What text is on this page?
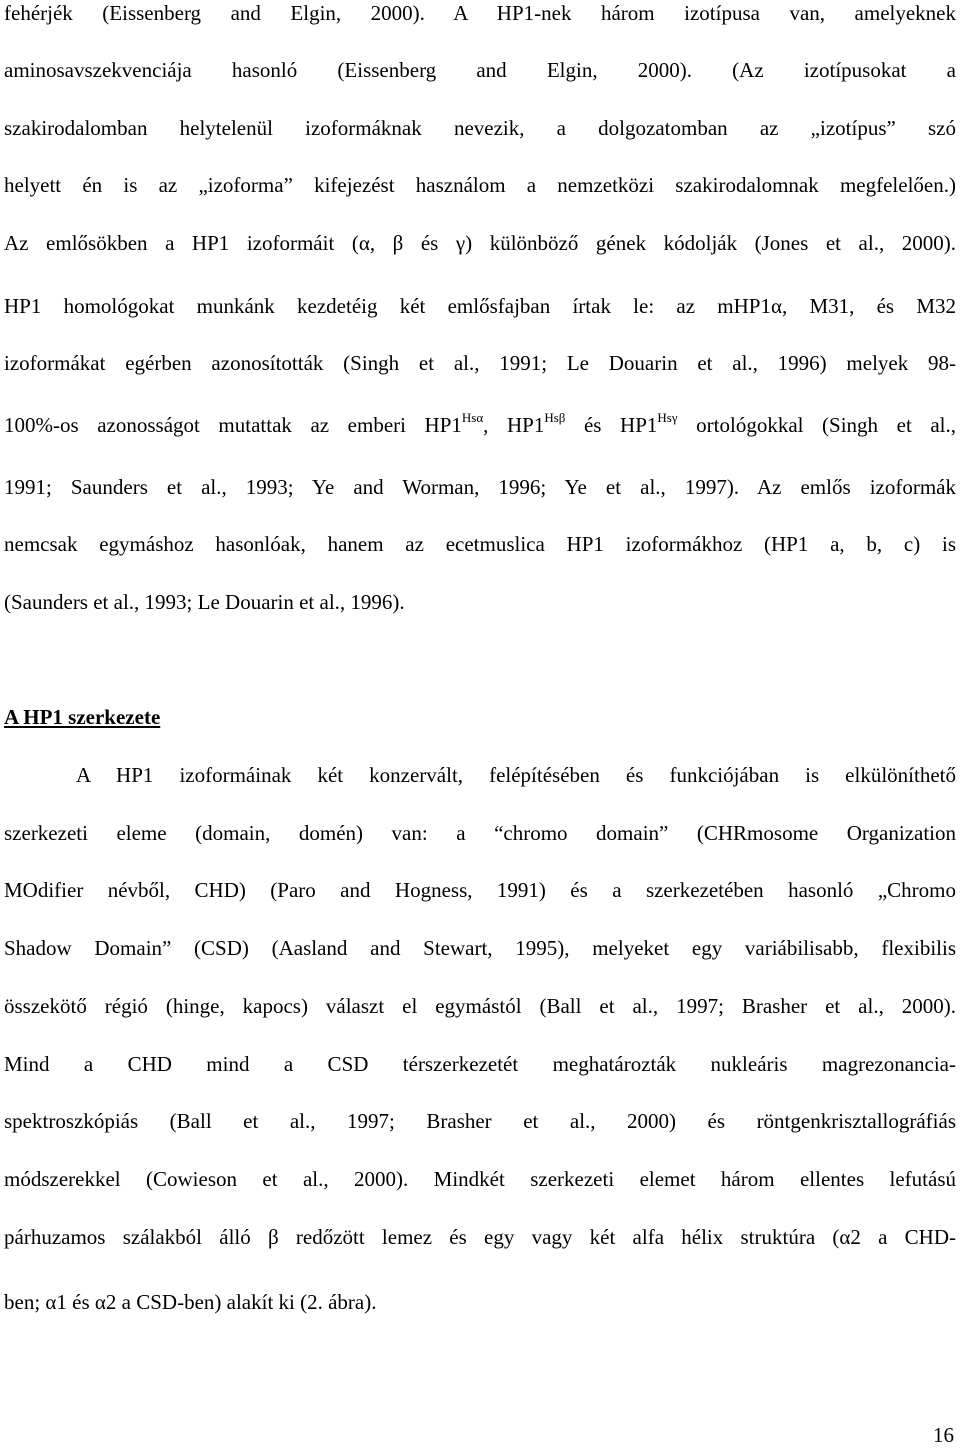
fehérjék (Eissenberg and Elgin, 2000). A HP1-nek három izotípusa van, amelyeknek
aminosavszekvenciája hasonló (Eissenberg and Elgin, 2000). (Az izotípusokat a
szakirodalomban helytelenül izoformáknak nevezik, a dolgozatomban az „izotípus” szó
helyett én is az „izoforma” kifejezést használom a nemzetközi szakirodalomnak megfelelően.)
Az emlősökben a HP1 izoformáit (α, β és γ) különböző gének kódolják (Jones et al., 2000).
HP1 homológokat munkánk kezdetéig két emlősfajban írtak le: az mHP1α, M31, és M32
izoformákat egérben azonosították (Singh et al., 1991; Le Douarin et al., 1996) melyek 98-
100%-os azonosságot mutattak az emberi $HP1^{Hs\alpha}$, $HP1^{Hs\beta}$ és $HP1^{Hs\gamma}$ ortológokkal (Singh et al.,
1991; Saunders et al., 1993; Ye and Worman, 1996; Ye et al., 1997). Az emlős izoformák
nemcsak egymáshoz hasonlóak, hanem az ecetmuslica HP1 izoformákhoz (HP1 a, b, c) is
(Saunders et al., 1993; Le Douarin et al., 1996).
A HP1 szerkezete
A HP1 izoformáinak két konzervált, felépítésében és funkciójában is elkülöníthető
szerkezeti eleme (domain, domén) van: a “chromo domain” (CHRmosome Organization
MOdifier névből, CHD) (Paro and Hogness, 1991) és a szerkezetében hasonló „Chromo
Shadow Domain” (CSD) (Aasland and Stewart, 1995), melyeket egy variábilisabb, flexibilis
összekötő régió (hinge, kapocs) választ el egymástól (Ball et al., 1997; Brasher et al., 2000).
Mind a CHD mind a CSD térszerkezetét meghatározták nukleáris magrezonancia-
spektroszkópiás (Ball et al., 1997; Brasher et al., 2000) és röntgenkrisztallográfiás
módszerekkel (Cowieson et al., 2000). Mindkét szerkezeti elemet három ellentes lefutású
párhuzamos szálakból álló β redőzött lemez és egy vagy két alfa hélix struktúra (α2 a CHD-
ben; α1 és α2 a CSD-ben) alakít ki (2. ábra).
16
